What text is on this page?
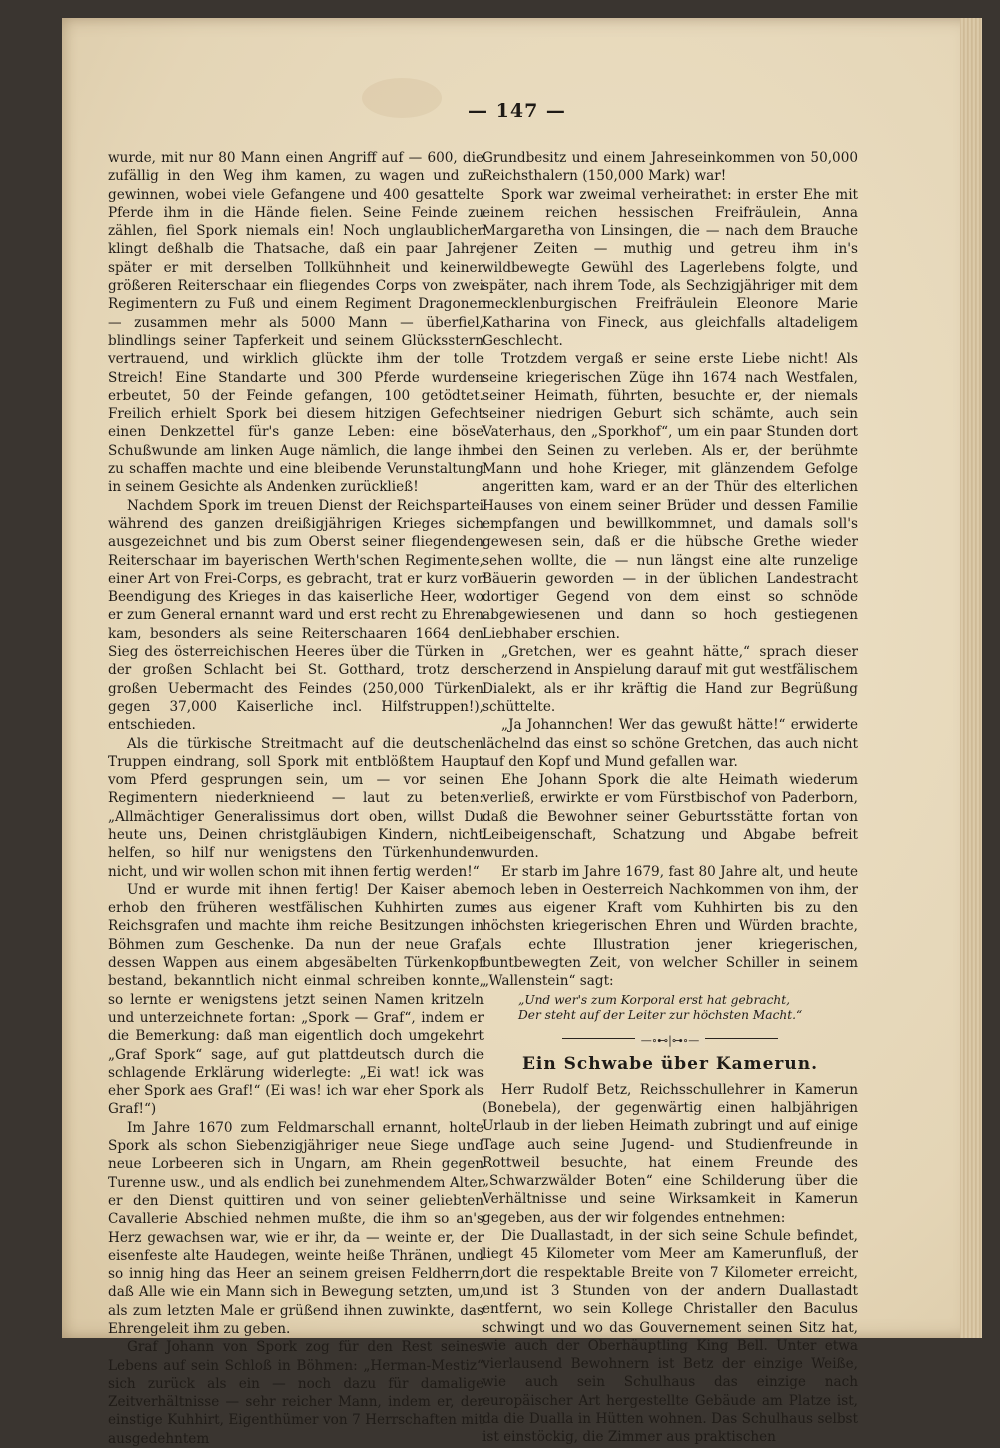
— 147 —

wurde, mit nur 80 Mann einen Angriff auf — 600, die zufällig in den Weg ihm kamen, zu wagen und zu gewinnen, wobei viele Gefangene und 400 gesattelte Pferde ihm in die Hände fielen. Seine Feinde zu zählen, fiel Spork niemals ein! Noch unglaublicher klingt deßhalb die Thatsache, daß ein paar Jahre später er mit derselben Tollkühnheit und keiner größeren Reiterschaar ein fliegendes Corps von zwei Regimentern zu Fuß und einem Regiment Dragoner — zusammen mehr als 5000 Mann — überfiel, blindlings seiner Tapferkeit und seinem Glücksstern vertrauend, und wirklich glückte ihm der tolle Streich! Eine Standarte und 300 Pferde wurden erbeutet, 50 der Feinde gefangen, 100 getödtet. Freilich erhielt Spork bei diesem hitzigen Gefecht einen Denkzettel für's ganze Leben: eine böse Schußwunde am linken Auge nämlich, die lange ihm zu schaffen machte und eine bleibende Verunstaltung in seinem Gesichte als Andenken zurückließ!

Nachdem Spork im treuen Dienst der Reichspartei während des ganzen dreißigjährigen Krieges sich ausgezeichnet und bis zum Oberst seiner fliegenden Reiterschaar im bayerischen Werth'schen Regimente, einer Art von Frei-Corps, es gebracht, trat er kurz vor Beendigung des Krieges in das kaiserliche Heer, wo er zum General ernannt ward und erst recht zu Ehren kam, besonders als seine Reiterschaaren 1664 den Sieg des österreichischen Heeres über die Türken in der großen Schlacht bei St. Gotthard, trotz der großen Uebermacht des Feindes (250,000 Türken gegen 37,000 Kaiserliche incl. Hilfstruppen!), entschieden.

Als die türkische Streitmacht auf die deutschen Truppen eindrang, soll Spork mit entblößtem Haupt vom Pferd gesprungen sein, um — vor seinen Regimentern niederknieend — laut zu beten: „Allmächtiger Generalissimus dort oben, willst Du heute uns, Deinen christgläubigen Kindern, nicht helfen, so hilf nur wenigstens den Türkenhunden nicht, und wir wollen schon mit ihnen fertig werden!“

Und er wurde mit ihnen fertig! Der Kaiser aber erhob den früheren westfälischen Kuhhirten zum Reichsgrafen und machte ihm reiche Besitzungen in Böhmen zum Geschenke. Da nun der neue Graf, dessen Wappen aus einem abgesäbelten Türkenkopf bestand, bekanntlich nicht einmal schreiben konnte, so lernte er wenigstens jetzt seinen Namen kritzeln und unterzeichnete fortan: „Spork — Graf“, indem er die Bemerkung: daß man eigentlich doch umgekehrt „Graf Spork“ sage, auf gut plattdeutsch durch die schlagende Erklärung widerlegte: „Ei wat! ick was eher Spork aes Graf!“ (Ei was! ich war eher Spork als Graf!“)

Im Jahre 1670 zum Feldmarschall ernannt, holte Spork als schon Siebenzigjähriger neue Siege und neue Lorbeeren sich in Ungarn, am Rhein gegen Turenne usw., und als endlich bei zunehmendem Alter er den Dienst quittiren und von seiner geliebten Cavallerie Abschied nehmen mußte, die ihm so an's Herz gewachsen war, wie er ihr, da — weinte er, der eisenfeste alte Haudegen, weinte heiße Thränen, und so innig hing das Heer an seinem greisen Feldherrn, daß Alle wie ein Mann sich in Bewegung setzten, um, als zum letzten Male er grüßend ihnen zuwinkte, das Ehrengeleit ihm zu geben.

Graf Johann von Spork zog für den Rest seines Lebens auf sein Schloß in Böhmen: „Herman-Mestiz“ sich zurück als ein — noch dazu für damalige Zeitverhältnisse — sehr reicher Mann, indem er, der einstige Kuhhirt, Eigenthümer von 7 Herrschaften mit ausgedehntem

Grundbesitz und einem Jahreseinkommen von 50,000 Reichsthalern (150,000 Mark) war!

Spork war zweimal verheirathet: in erster Ehe mit einem reichen hessischen Freifräulein, Anna Margaretha von Linsingen, die — nach dem Brauche jener Zeiten — muthig und getreu ihm in's wildbewegte Gewühl des Lagerlebens folgte, und später, nach ihrem Tode, als Sechzigjähriger mit dem mecklenburgischen Freifräulein Eleonore Marie Katharina von Fineck, aus gleichfalls altadeligem Geschlecht.

Trotzdem vergaß er seine erste Liebe nicht! Als seine kriegerischen Züge ihn 1674 nach Westfalen, seiner Heimath, führten, besuchte er, der niemals seiner niedrigen Geburt sich schämte, auch sein Vaterhaus, den „Sporkhof“, um ein paar Stunden dort bei den Seinen zu verleben. Als er, der berühmte Mann und hohe Krieger, mit glänzendem Gefolge angeritten kam, ward er an der Thür des elterlichen Hauses von einem seiner Brüder und dessen Familie empfangen und bewillkommnet, und damals soll's gewesen sein, daß er die hübsche Grethe wieder sehen wollte, die — nun längst eine alte runzelige Bäuerin geworden — in der üblichen Landestracht dortiger Gegend von dem einst so schnöde abgewiesenen und dann so hoch gestiegenen Liebhaber erschien.

„Gretchen, wer es geahnt hätte,“ sprach dieser scherzend in Anspielung darauf mit gut westfälischem Dialekt, als er ihr kräftig die Hand zur Begrüßung schüttelte.

„Ja Johannchen! Wer das gewußt hätte!“ erwiderte lächelnd das einst so schöne Gretchen, das auch nicht auf den Kopf und Mund gefallen war.

Ehe Johann Spork die alte Heimath wiederum verließ, erwirkte er vom Fürstbischof von Paderborn, daß die Bewohner seiner Geburtsstätte fortan von Leibeigenschaft, Schatzung und Abgabe befreit wurden.

Er starb im Jahre 1679, fast 80 Jahre alt, und heute noch leben in Oesterreich Nachkommen von ihm, der es aus eigener Kraft vom Kuhhirten bis zu den höchsten kriegerischen Ehren und Würden brachte, als echte Illustration jener kriegerischen, buntbewegten Zeit, von welcher Schiller in seinem „Wallenstein“ sagt:

„Und wer's zum Korporal erst hat gebracht,
Der steht auf der Leiter zur höchsten Macht.“
—∘⊷|⊶∘—
Ein Schwabe über Kamerun.

Herr Rudolf Betz, Reichsschullehrer in Kamerun (Bonebela), der gegenwärtig einen halbjährigen Urlaub in der lieben Heimath zubringt und auf einige Tage auch seine Jugend- und Studienfreunde in Rottweil besuchte, hat einem Freunde des „Schwarzwälder Boten“ eine Schilderung über die Verhältnisse und seine Wirksamkeit in Kamerun gegeben, aus der wir folgendes entnehmen:

Die Duallastadt, in der sich seine Schule befindet, liegt 45 Kilometer vom Meer am Kamerunfluß, der dort die respektable Breite von 7 Kilometer erreicht, und ist 3 Stunden von der andern Duallastadt entfernt, wo sein Kollege Christaller den Baculus schwingt und wo das Gouvernement seinen Sitz hat, wie auch der Oberhäuptling King Bell. Unter etwa vierlausend Bewohnern ist Betz der einzige Weiße, wie auch sein Schulhaus das einzige nach europäischer Art hergestellte Gebäude am Platze ist, da die Dualla in Hütten wohnen. Das Schulhaus selbst ist einstöckig, die Zimmer aus praktischen
